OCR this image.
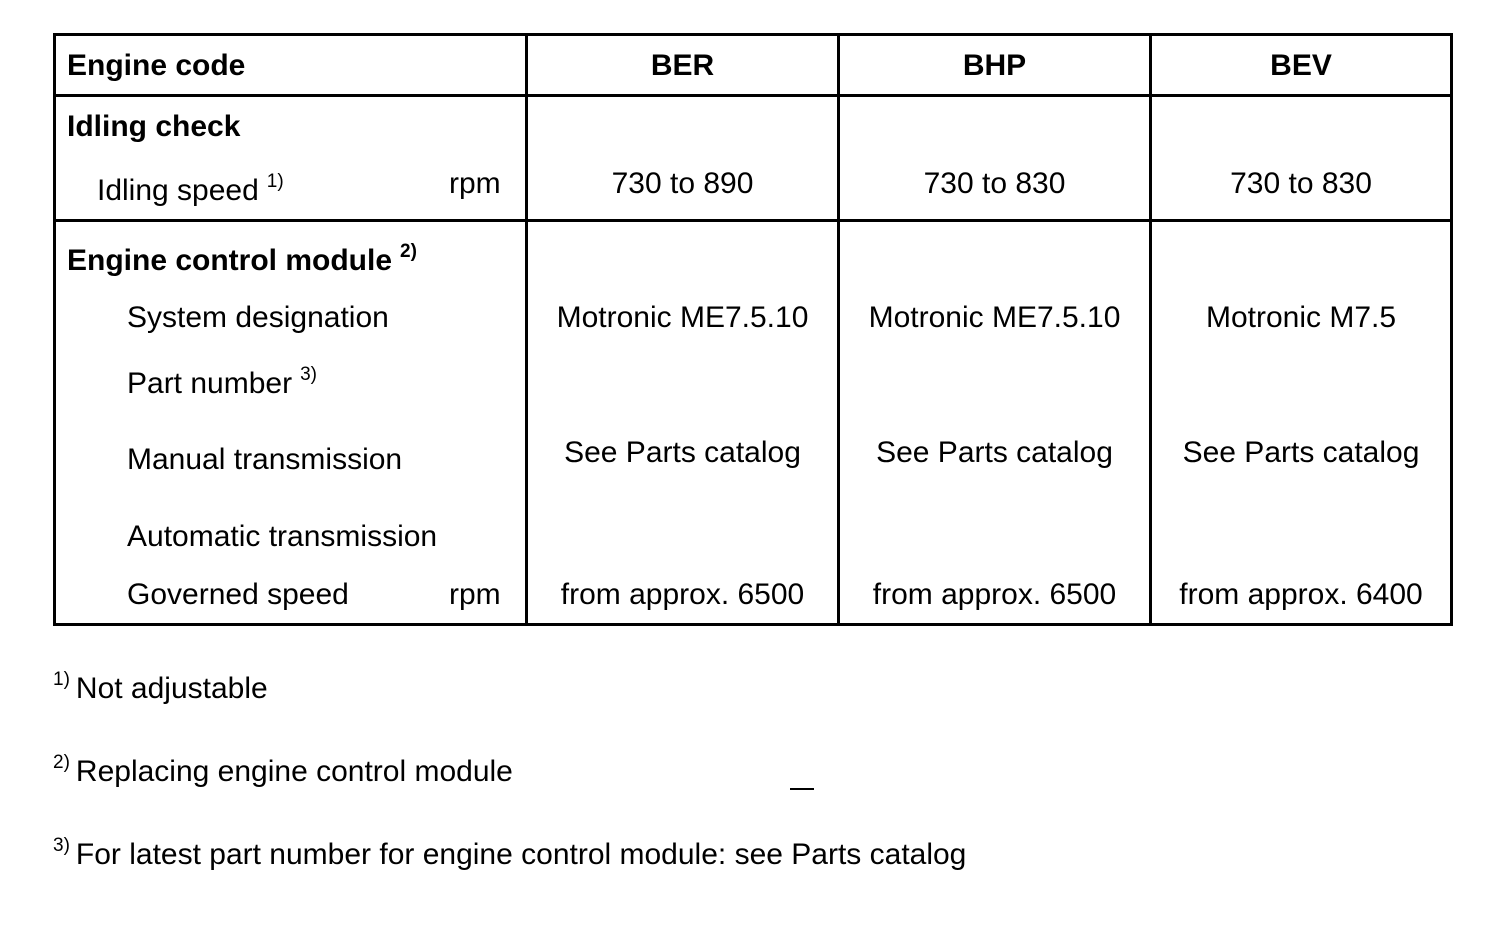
Engine code	BER	BHP	BEV
Idling check
Idling speed $^{1)}$	rpm	730 to 890	730 to 830	730 to 830
Engine control module $^{2)}$
System designation	Motronic ME7.5.10	Motronic ME7.5.10	Motronic M7.5
Part number $^{3)}$
Manual transmission	See Parts catalog	See Parts catalog	See Parts catalog
Automatic transmission
Governed speed	rpm	from approx. 6500	from approx. 6500	from approx. 6400
$^{1)}$ Not adjustable
$^{2)}$ Replacing engine control module
$^{3)}$ For latest part number for engine control module: see Parts catalog
